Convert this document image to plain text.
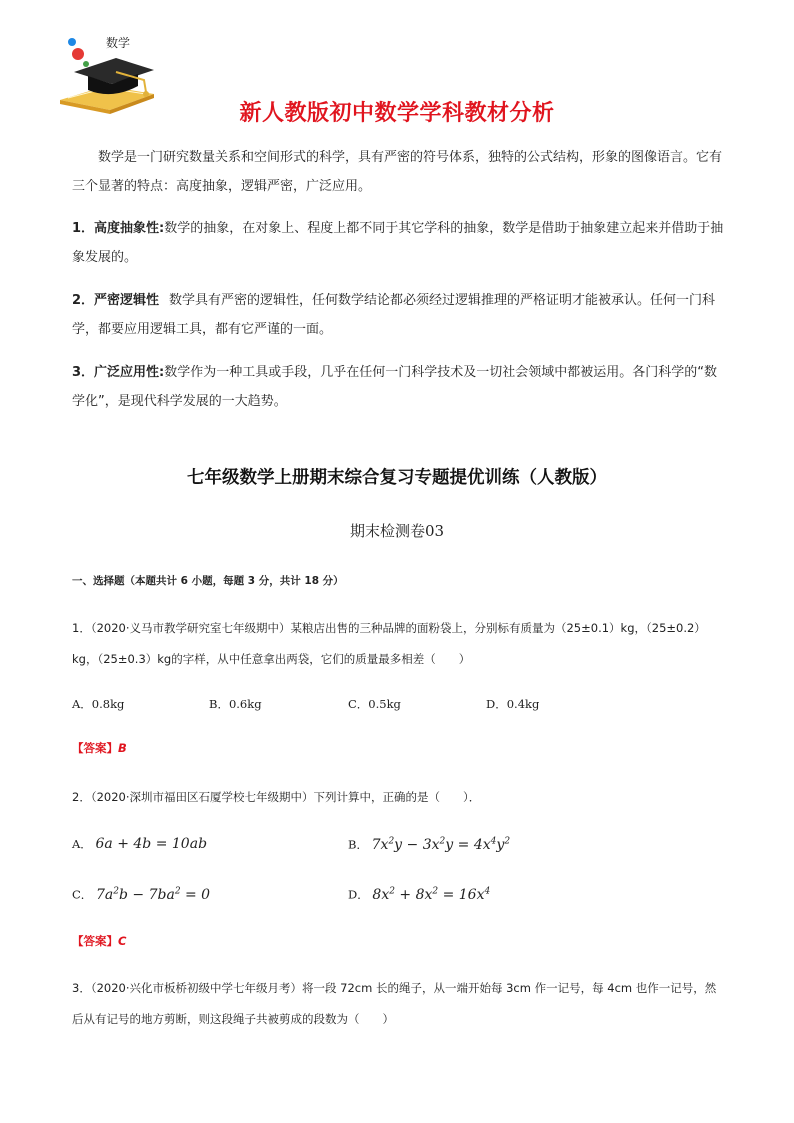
数学
新人教版初中数学学科教材分析
数学是一门研究数量关系和空间形式的科学，具有严密的符号体系，独特的公式结构，形象的图像语言。它有三个显著的特点：高度抽象，逻辑严密，广泛应用。
1．高度抽象性:数学的抽象，在对象上、程度上都不同于其它学科的抽象，数学是借助于抽象建立起来并借助于抽象发展的。
2．严密逻辑性 数学具有严密的逻辑性，任何数学结论都必须经过逻辑推理的严格证明才能被承认。任何一门科学，都要应用逻辑工具，都有它严谨的一面。
3．广泛应用性:数学作为一种工具或手段，几乎在任何一门科学技术及一切社会领域中都被运用。各门科学的“数学化”，是现代科学发展的一大趋势。
七年级数学上册期末综合复习专题提优训练（人教版）
期末检测卷03
一、选择题（本题共计 6 小题，每题 3 分，共计 18 分）
1．（2020·义马市教学研究室七年级期中）某粮店出售的三种品牌的面粉袋上，分别标有质量为（25±0.1）kg，（25±0.2）kg，（25±0.3）kg的字样，从中任意拿出两袋，它们的质量最多相差（　　）
A．0.8kg	B．0.6kg	C．0.5kg	D．0.4kg
【答案】B
2．（2020·深圳市福田区石厦学校七年级期中）下列计算中，正确的是（　　）．
A． 6a + 4b = 10ab	B． $7x^2y - 3x^2y = 4x^4y^2$
C． $7a^2b - 7ba^2 = 0$	D． $8x^2 + 8x^2 = 16x^4$
【答案】C
3．（2020·兴化市板桥初级中学七年级月考）将一段 72cm 长的绳子，从一端开始每 3cm 作一记号，每 4cm 也作一记号，然后从有记号的地方剪断，则这段绳子共被剪成的段数为（　　）
